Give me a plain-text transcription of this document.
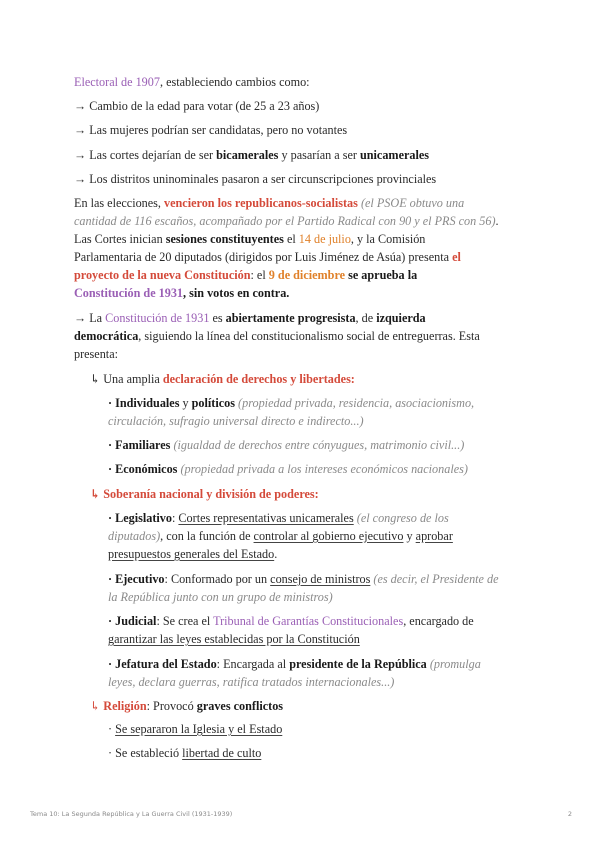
Electoral de 1907, estableciendo cambios como:
→ Cambio de la edad para votar (de 25 a 23 años)
→ Las mujeres podrían ser candidatas, pero no votantes
→ Las cortes dejarían de ser bicamerales y pasarían a ser unicamerales
→ Los distritos uninominales pasaron a ser circunscripciones provinciales
En las elecciones, vencieron los republicanos-socialistas (el PSOE obtuvo una
cantidad de 116 escaños, acompañado por el Partido Radical con 90 y el PRS con 56).
Las Cortes inician sesiones constituyentes el 14 de julio, y la Comisión
Parlamentaria de 20 diputados (dirigidos por Luis Jiménez de Asúa) presenta el
proyecto de la nueva Constitución: el 9 de diciembre se aprueba la
Constitución de 1931, sin votos en contra.
→ La Constitución de 1931 es abiertamente progresista, de izquierda
democrática, siguiendo la línea del constitucionalismo social de entreguerras. Esta
presenta:
↳ Una amplia declaración de derechos y libertades:
· Individuales y políticos (propiedad privada, residencia, asociacionismo,
circulación, sufragio universal directo e indirecto...)
· Familiares (igualdad de derechos entre cónyugues, matrimonio civil...)
· Económicos (propiedad privada a los intereses económicos nacionales)
↳ Soberanía nacional y división de poderes:
· Legislativo: Cortes representativas unicamerales (el congreso de los
diputados), con la función de controlar al gobierno ejecutivo y aprobar
presupuestos generales del Estado.
· Ejecutivo: Conformado por un consejo de ministros (es decir, el Presidente de
la República junto con un grupo de ministros)
· Judicial: Se crea el Tribunal de Garantías Constitucionales, encargado de
garantizar las leyes establecidas por la Constitución
· Jefatura del Estado: Encargada al presidente de la República (promulga
leyes, declara guerras, ratifica tratados internacionales...)
↳ Religión: Provocó graves conflictos
· Se separaron la Iglesia y el Estado
· Se estableció libertad de culto
Tema 10: La Segunda República y La Guerra Civil (1931-1939)	2
